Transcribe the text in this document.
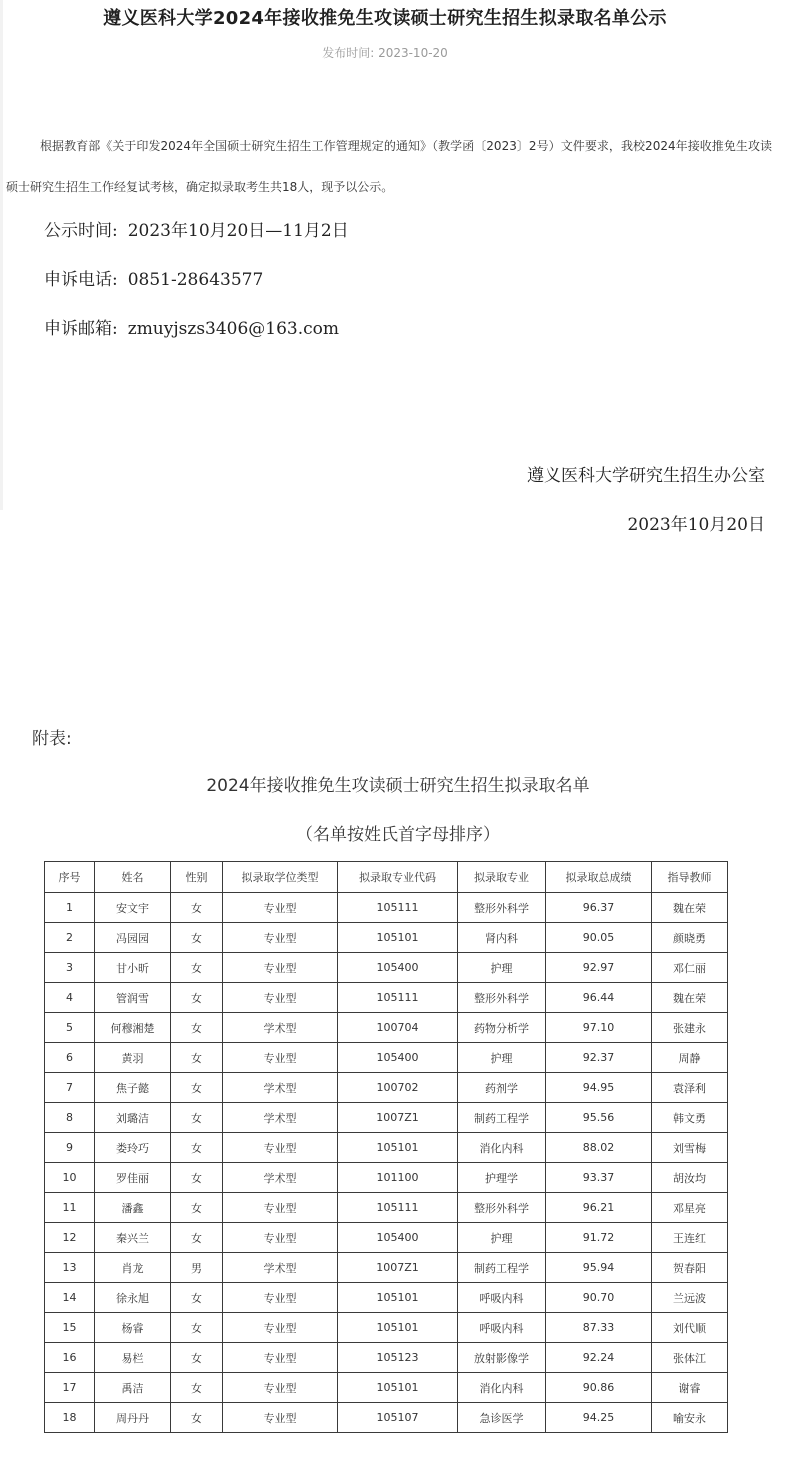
遵义医科大学2024年接收推免生攻读硕士研究生招生拟录取名单公示
发布时间: 2023-10-20
根据教育部《关于印发2024年全国硕士研究生招生工作管理规定的通知》（教学函〔2023〕2号）文件要求，我校2024年接收推免生攻读硕士研究生招生工作经复试考核，确定拟录取考生共18人，现予以公示。
公示时间: 2023年10月20日—11月2日
申诉电话: 0851-28643577
申诉邮箱: zmuyjszs3406@163.com
遵义医科大学研究生招生办公室
2023年10月20日
附表:
2024年接收推免生攻读硕士研究生招生拟录取名单
（名单按姓氏首字母排序）
序号	姓名	性别	拟录取学位类型	拟录取专业代码	拟录取专业	拟录取总成绩	指导教师
1	安文宇	女	专业型	105111	整形外科学	96.37	魏在荣
2	冯园园	女	专业型	105101	肾内科	90.05	颜晓勇
3	甘小昕	女	专业型	105400	护理	92.97	邓仁丽
4	管润雪	女	专业型	105111	整形外科学	96.44	魏在荣
5	何穆湘楚	女	学术型	100704	药物分析学	97.10	张建永
6	黄羽	女	专业型	105400	护理	92.37	周静
7	焦子懿	女	学术型	100702	药剂学	94.95	袁泽利
8	刘璐洁	女	学术型	1007Z1	制药工程学	95.56	韩文勇
9	娄玲巧	女	专业型	105101	消化内科	88.02	刘雪梅
10	罗佳丽	女	学术型	101100	护理学	93.37	胡汝均
11	潘鑫	女	专业型	105111	整形外科学	96.21	邓星亮
12	秦兴兰	女	专业型	105400	护理	91.72	王连红
13	肖龙	男	学术型	1007Z1	制药工程学	95.94	贺春阳
14	徐永旭	女	专业型	105101	呼吸内科	90.70	兰远波
15	杨睿	女	专业型	105101	呼吸内科	87.33	刘代顺
16	易栏	女	专业型	105123	放射影像学	92.24	张体江
17	禹洁	女	专业型	105101	消化内科	90.86	谢睿
18	周丹丹	女	专业型	105107	急诊医学	94.25	喻安永
